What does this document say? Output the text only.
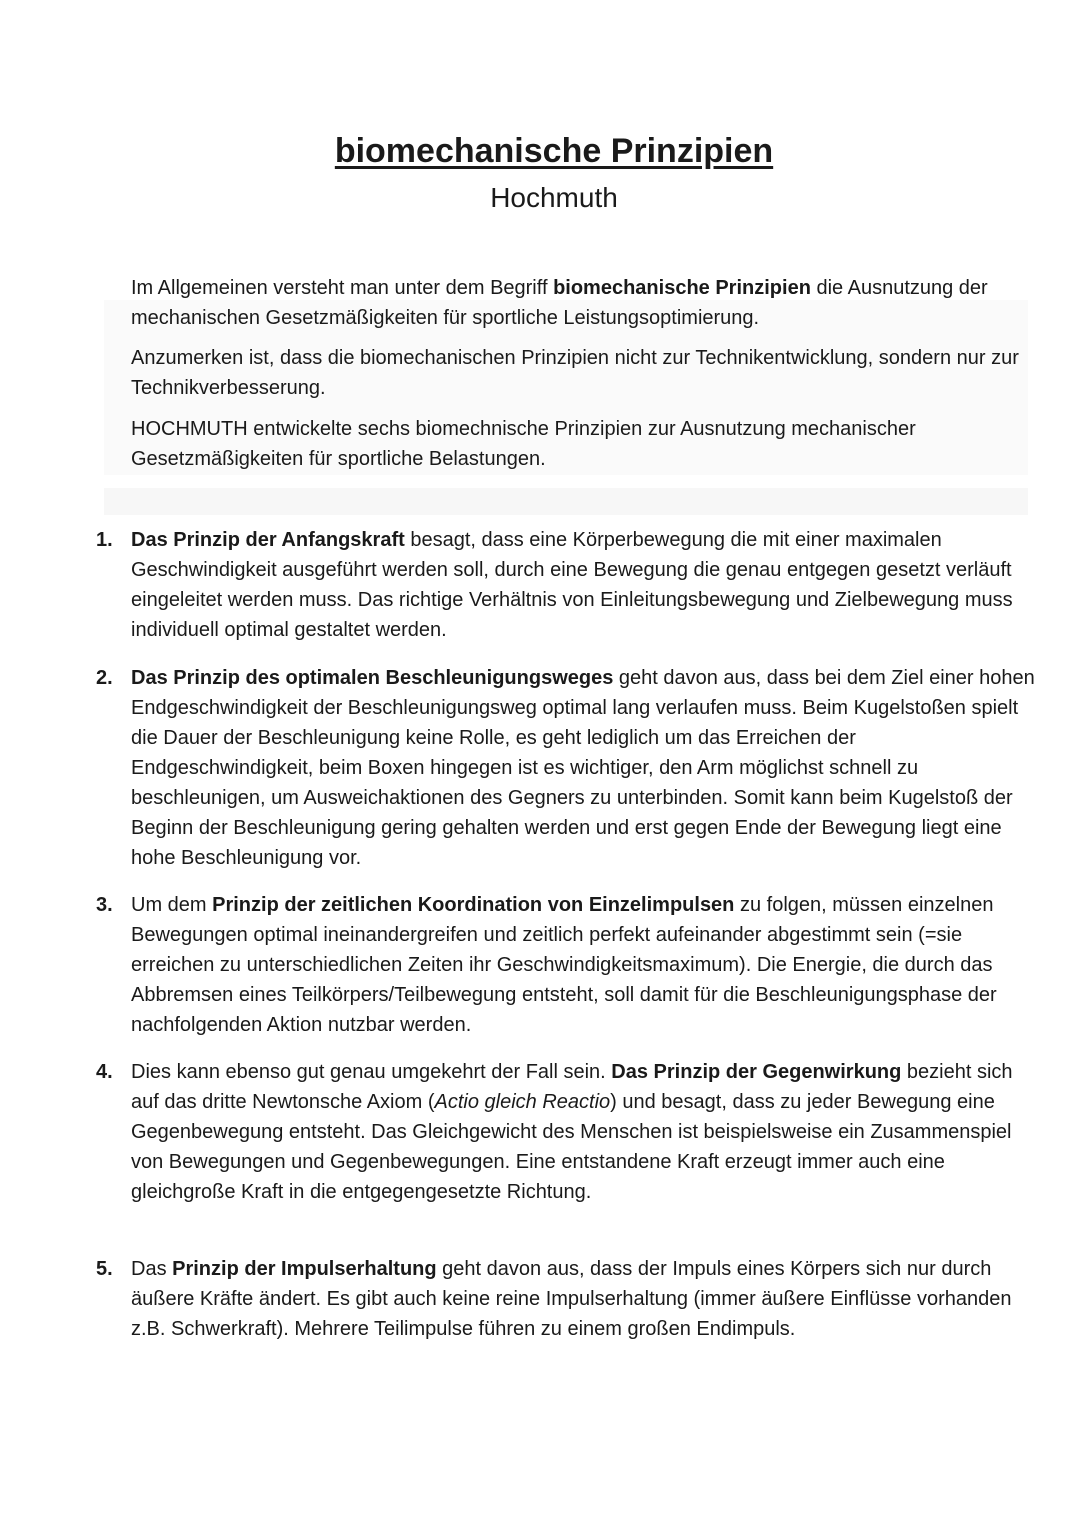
biomechanische Prinzipien
Hochmuth

Im Allgemeinen versteht man unter dem Begriff biomechanische Prinzipien die Ausnutzung der mechanischen Gesetzmäßigkeiten für sportliche Leistungsoptimierung.

Anzumerken ist, dass die biomechanischen Prinzipien nicht zur Technikentwicklung, sondern nur zur Technikverbesserung.

HOCHMUTH entwickelte sechs biomechnische Prinzipien zur Ausnutzung mechanischer Gesetzmäßigkeiten für sportliche Belastungen.

1. Das Prinzip der Anfangskraft besagt, dass eine Körperbewegung die mit einer maximalen Geschwindigkeit ausgeführt werden soll, durch eine Bewegung die genau entgegen gesetzt verläuft eingeleitet werden muss. Das richtige Verhältnis von Einleitungsbewegung und Zielbewegung muss individuell optimal gestaltet werden.

2. Das Prinzip des optimalen Beschleunigungsweges geht davon aus, dass bei dem Ziel einer hohen Endgeschwindigkeit der Beschleunigungsweg optimal lang verlaufen muss. Beim Kugelstoßen spielt die Dauer der Beschleunigung keine Rolle, es geht lediglich um das Erreichen der Endgeschwindigkeit, beim Boxen hingegen ist es wichtiger, den Arm möglichst schnell zu beschleunigen, um Ausweichaktionen des Gegners zu unterbinden. Somit kann beim Kugelstoß der Beginn der Beschleunigung gering gehalten werden und erst gegen Ende der Bewegung liegt eine hohe Beschleunigung vor.

3. Um dem Prinzip der zeitlichen Koordination von Einzelimpulsen zu folgen, müssen einzelnen Bewegungen optimal ineinandergreifen und zeitlich perfekt aufeinander abgestimmt sein (=sie erreichen zu unterschiedlichen Zeiten ihr Geschwindigkeitsmaximum). Die Energie, die durch das Abbremsen eines Teilkörpers/Teilbewegung entsteht, soll damit für die Beschleunigungsphase der nachfolgenden Aktion nutzbar werden.

4. Dies kann ebenso gut genau umgekehrt der Fall sein. Das Prinzip der Gegenwirkung bezieht sich auf das dritte Newtonsche Axiom (Actio gleich Reactio) und besagt, dass zu jeder Bewegung eine Gegenbewegung entsteht. Das Gleichgewicht des Menschen ist beispielsweise ein Zusammenspiel von Bewegungen und Gegenbewegungen. Eine entstandene Kraft erzeugt immer auch eine gleichgroße Kraft in die entgegengesetzte Richtung.

5. Das Prinzip der Impulserhaltung geht davon aus, dass der Impuls eines Körpers sich nur durch äußere Kräfte ändert. Es gibt auch keine reine Impulserhaltung (immer äußere Einflüsse vorhanden z.B. Schwerkraft). Mehrere Teilimpulse führen zu einem großen Endimpuls.
